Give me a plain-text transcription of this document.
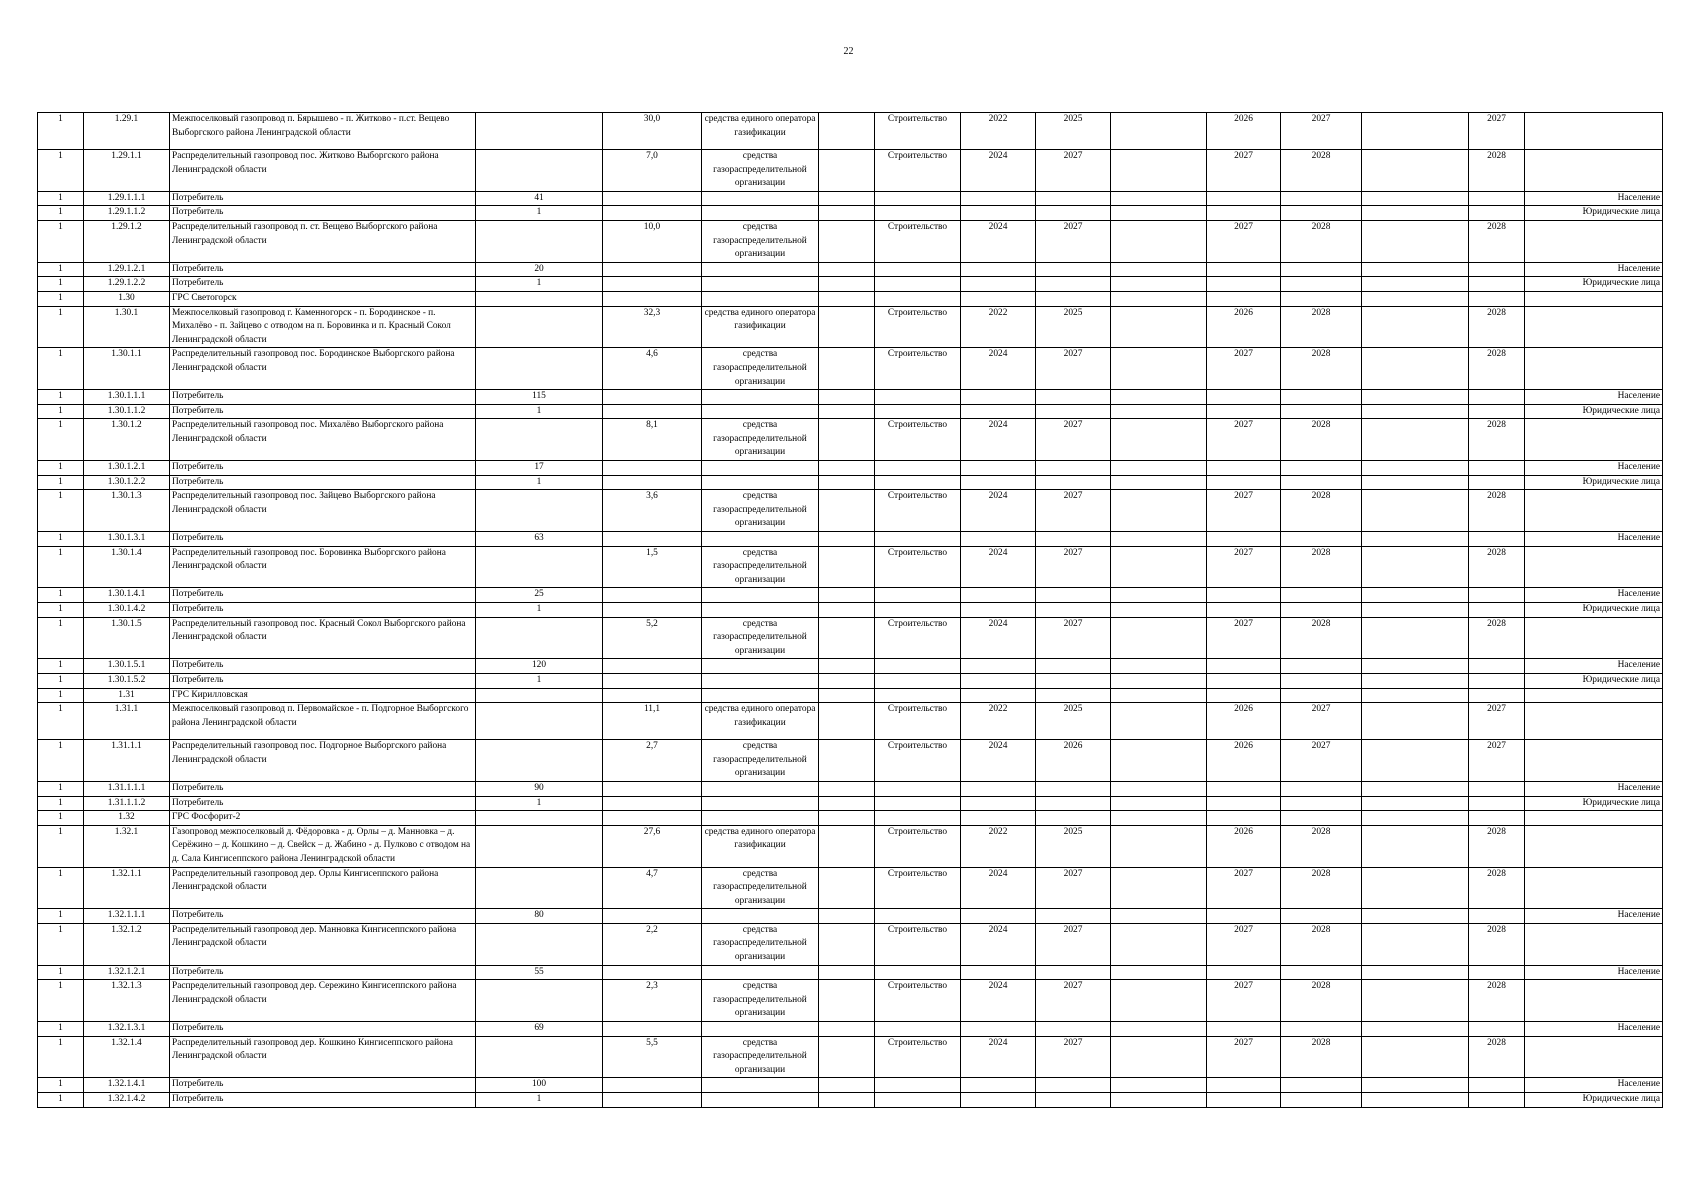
22
1	1.29.1	Межпоселковый газопровод п. Бярышево - п. Житково - п.ст. Вещево Выборгского района Ленинградской области		30,0	средства единого оператора газификации		Строительство	2022	2025		2026	2027		2027	
1	1.29.1.1	Распределительный газопровод пос. Житково Выборгского района Ленинградской области		7,0	средства газораспределительной организации		Строительство	2024	2027		2027	2028		2028	
1	1.29.1.1.1	Потребитель	41												Население
1	1.29.1.1.2	Потребитель	1												Юридические лица
1	1.29.1.2	Распределительный газопровод п. ст. Вещево Выборгского района Ленинградской области		10,0	средства газораспределительной организации		Строительство	2024	2027		2027	2028		2028	
1	1.29.1.2.1	Потребитель	20												Население
1	1.29.1.2.2	Потребитель	1												Юридические лица
1	1.30	ГРС Светогорск													
1	1.30.1	Межпоселковый газопровод г. Каменногорск - п. Бородинское - п. Михалёво - п. Зайцево с отводом на п. Боровинка и п. Красный Сокол Ленинградской области		32,3	средства единого оператора газификации		Строительство	2022	2025		2026	2028		2028	
1	1.30.1.1	Распределительный газопровод пос. Бородинское Выборгского района Ленинградской области		4,6	средства газораспределительной организации		Строительство	2024	2027		2027	2028		2028	
1	1.30.1.1.1	Потребитель	115												Население
1	1.30.1.1.2	Потребитель	1												Юридические лица
1	1.30.1.2	Распределительный газопровод пос. Михалёво Выборгского района Ленинградской области		8,1	средства газораспределительной организации		Строительство	2024	2027		2027	2028		2028	
1	1.30.1.2.1	Потребитель	17												Население
1	1.30.1.2.2	Потребитель	1												Юридические лица
1	1.30.1.3	Распределительный газопровод пос. Зайцево Выборгского района Ленинградской области		3,6	средства газораспределительной организации		Строительство	2024	2027		2027	2028		2028	
1	1.30.1.3.1	Потребитель	63												Население
1	1.30.1.4	Распределительный газопровод пос. Боровинка Выборгского района Ленинградской области		1,5	средства газораспределительной организации		Строительство	2024	2027		2027	2028		2028	
1	1.30.1.4.1	Потребитель	25												Население
1	1.30.1.4.2	Потребитель	1												Юридические лица
1	1.30.1.5	Распределительный газопровод пос. Красный Сокол Выборгского района Ленинградской области		5,2	средства газораспределительной организации		Строительство	2024	2027		2027	2028		2028	
1	1.30.1.5.1	Потребитель	120												Население
1	1.30.1.5.2	Потребитель	1												Юридические лица
1	1.31	ГРС Кирилловская													
1	1.31.1	Межпоселковый газопровод п. Первомайское - п. Подгорное Выборгского района Ленинградской области		11,1	средства единого оператора газификации		Строительство	2022	2025		2026	2027		2027	
1	1.31.1.1	Распределительный газопровод пос. Подгорное Выборгского района Ленинградской области		2,7	средства газораспределительной организации		Строительство	2024	2026		2026	2027		2027	
1	1.31.1.1.1	Потребитель	90												Население
1	1.31.1.1.2	Потребитель	1												Юридические лица
1	1.32	ГРС Фосфорит-2													
1	1.32.1	Газопровод межпоселковый д. Фёдоровка - д. Орлы – д. Манновка – д. Серёжино – д. Кошкино – д. Свейск – д. Жабино - д. Пулково с отводом на д. Сала Кингисеппского района Ленинградской области		27,6	средства единого оператора газификации		Строительство	2022	2025		2026	2028		2028	
1	1.32.1.1	Распределительный газопровод дер. Орлы Кингисеппского района Ленинградской области		4,7	средства газораспределительной организации		Строительство	2024	2027		2027	2028		2028	
1	1.32.1.1.1	Потребитель	80												Население
1	1.32.1.2	Распределительный газопровод дер. Манновка Кингисеппского района Ленинградской области		2,2	средства газораспределительной организации		Строительство	2024	2027		2027	2028		2028	
1	1.32.1.2.1	Потребитель	55												Население
1	1.32.1.3	Распределительный газопровод дер. Сережино Кингисеппского района Ленинградской области		2,3	средства газораспределительной организации		Строительство	2024	2027		2027	2028		2028	
1	1.32.1.3.1	Потребитель	69												Население
1	1.32.1.4	Распределительный газопровод дер. Кошкино Кингисеппского района Ленинградской области		5,5	средства газораспределительной организации		Строительство	2024	2027		2027	2028		2028	
1	1.32.1.4.1	Потребитель	100												Население
1	1.32.1.4.2	Потребитель	1												Юридические лица
